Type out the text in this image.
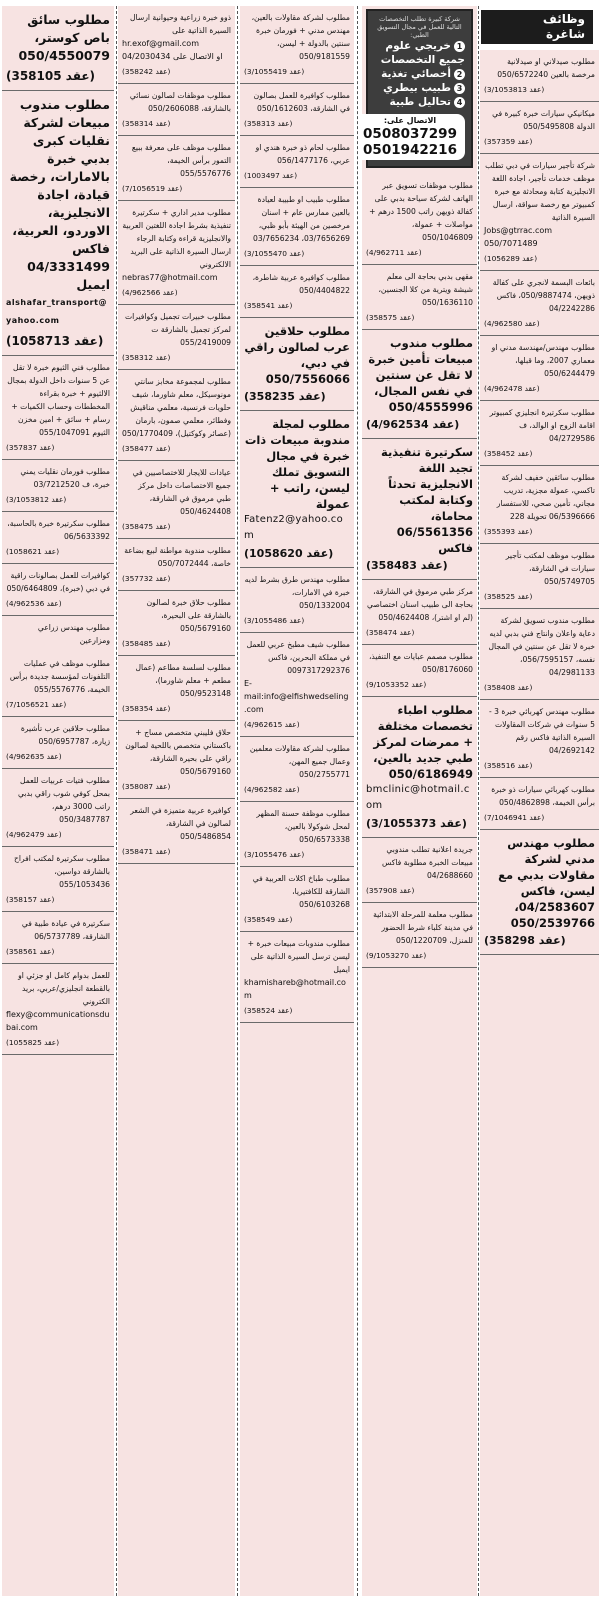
وظائف
شاغرة
مطلوب صيدلاني او صيدلانية مرخصة بالعين 050/6572240
(عقد 3/1053813)
ميكانيكي سيارات خبرة كبيرة في الدولة 050/5495808
(عقد 357359)
شركة تأجير سيارات في دبي تطلب موظف خدمات تأجير، اجادة اللغة الانجليزية كتابة ومحادثة مع خبرة كمبيوتر مع رخصة سواقة، ارسال السيرة الذاتية
Jobs@gtrrac.com
050/7071489
(عقد 1056289)
بائعات البسمة لانجري على كفالة ذويهن، 050/9887474، فاكس 04/2242286
(عقد 4/962580)
مطلوب مهندس/مهندسة مدني او معماري 2007، وما قبلها، 050/6244479
(عقد 4/962478)
مطلوب سكرتيرة انجليزي كمبيوتر اقامة الزوج او الوالد، ف 04/2729586
(عقد 358452)
مطلوب سائقين خفيف لشركة تاكسي، عمولة مجزية، تدريب مجاني، تأمين صحي، للاستفسار 06/5396666 تحويلة 228
(عقد 355393)
مطلوب موظف لمكتب تأجير سيارات في الشارقة، 050/5749705
(عقد 358525)
مطلوب مندوب تسويق لشركة دعاية واعلان وانتاج فني بدبي لديه خبرة لا تقل عن سنتين في المجال نفسه، 056/7595157، 04/2981133
(عقد 358408)
مطلوب مهندس كهربائي خبرة 3 - 5 سنوات في شركات المقاولات السيرة الذاتية فاكس رقم 04/2692142
(عقد 358516)
مطلوب كهربائي سيارات ذو خبرة برأس الخيمة، 050/4862898
(عقد 7/1046941)
مطلوب مهندس مدني لشركة مقاولات بدبي مع ليسن، فاكس 04/2583607، 050/2539766
(عقد 358298)
شركة كبيرة تطلب التخصصات التالية للعمل في مجال التسويق الطبي:
1خريجي علوم جميع التخصصات
2أخصائي تغذية
3طبيب بيطري
4تحاليل طبية
الاتصال على:
0508037299
0501942216
مطلوب موظفات تسويق عبر الهاتف لشركة سياحة بدبي على كفالة ذويهن راتب 1500 درهم + مواصلات + عمولة، 050/1046809
(عقد 4/962711)
مقهى بدبي بحاجة الى معلم شيشة ويترية من كلا الجنسين، 050/1636110
(عقد 358575)
مطلوب مندوب مبيعات تأمين خبرة لا تقل عن سنتين في نفس المجال، 050/4555996
(عقد 4/962534)
سكرتيرة تنفيذية تجيد اللغة الانجليزية تحدثاً وكتابة لمكتب محاماة، 06/5561356 فاكس
(عقد 358483)
مركز طبي مرموق في الشارقة، بحاجة الى طبيب اسنان اختصاصي (لم او اشتر)، 050/4624408
(عقد 358474)
مطلوب مصمم عبايات مع التنفيذ، 050/8176060
(عقد 9/1053352)
مطلوب اطباء تخصصات مختلفة + ممرضات لمركز طبي جديد بالعين، 050/6186949
bmclinic@hotmail.com
(عقد 3/1055373)
جريدة اعلانية تطلب مندوبي مبيعات الخبرة مطلوبة فاكس 04/2688660
(عقد 357908)
مطلوب معلمة للمرحلة الابتدائية في مدينة كلباء شرط الحضور للمنزل، 050/1220709
(عقد 9/1053270)
مطلوب لشركة مقاولات بالعين، مهندس مدني + فورمان خبرة سنتين بالدولة + ليسن، 050/9181559
(عقد 3/1055419)
مطلوب كوافيرة للعمل بصالون في الشارقة، 050/1612603
(عقد 358313)
مطلوب لحام ذو خبرة هندي او عربي، 056/1477176
(عقد 1003497)
مطلوب طبيب او طبيبة لعيادة بالعين ممارس عام + اسنان مرخصين من الهيئة بأبو ظبي، 03/7656269، 03/7656234
(عقد 3/1055470)
مطلوب كوافيرة عربية شاطرة، 050/4404822
(عقد 358541)
مطلوب حلاقين عرب لصالون راقي في دبي، 050/7556066
(عقد 358235)
مطلوب لمجلة مندوبة مبيعات ذات خبرة في مجال التسويق تملك ليسن، راتب + عمولة
Fatenz2@yahoo.com
(عقد 1058620)
مطلوب مهندس طرق بشرط لديه خبرة في الامارات، 050/1332004
(عقد 3/1055486)
مطلوب شيف مطبخ عربي للعمل في مملكة البحرين، فاكس 0097317292376
E-mail:info@elfishwedseling.com
(عقد 4/962615)
مطلوب لشركة مقاولات معلمين وعمال جميع المهن، 050/2755771
(عقد 4/962582)
مطلوب موظفة حسنة المظهر لمحل شوكولا بالعين، 050/6573338
(عقد 3/1055476)
مطلوب طباخ اكلات العربية في الشارقة للكافتيريا، 050/6103268
(عقد 358549)
مطلوب مندوبات مبيعات خبرة + ليسن ترسل السيرة الذاتية على ايميل
khamishareb@hotmail.com
(عقد 358524)
ذوو خبرة زراعية وحيوانية ارسال السيرة الذاتية على
hr.exof@gmail.com
او الاتصال على 04/2030434
(عقد 358242)
مطلوب موظفات لصالون نسائي بالشارقة، 050/2606088
(عقد 358314)
مطلوب موظف على معرفة ببيع التمور برأس الخيمة، 055/5576776
(عقد 7/1056519)
مطلوب مدير اداري + سكرتيرة تنفيذية بشرط اجادة اللغتين العربية والانجليزية قراءة وكتابة الرجاء ارسال السيرة الذاتية على البريد الالكتروني
nebras77@hotmail.com
(عقد 4/962566)
مطلوب خبيرات تجميل وكوافيرات لمركز تجميل بالشارقة ت 055/2419009
(عقد 358312)
مطلوب لمجموعة مخابز سانتي مونوسيكل، معلم شاورما، شيف حلويات فرنسية، معلمي مناقيش وفطائر، معلمي صمون، بارمان (عصائر وكوكتيل)، 050/1770409
(عقد 358477)
عيادات للايجار للاختصاصيين في جميع الاختصاصات داخل مركز طبي مرموق في الشارقة، 050/4624408
(عقد 358475)
مطلوب مندوبة مواطنة لبيع بضاعة خاصة، 050/7072444
(عقد 357732)
مطلوب حلاق خبرة لصالون بالشارقة على البحيرة، 050/5679160
(عقد 358485)
مطلوب لسلسة مطاعم (عمال مطعم + معلم شاورما)، 050/9523148
(عقد 358354)
حلاق فليبني متخصص مساج + باكستاني متخصص باللحية لصالون راقي على بحيرة الشارقة، 050/5679160
(عقد 358087)
كوافيرة عربية متميزة في الشعر لصالون في الشارقة، 050/5486854
(عقد 358471)
مطلوب سائق باص كوستر، 050/4550079
(عقد 358105)
مطلوب مندوب مبيعات لشركة نقليات كبرى بدبي خبرة بالامارات، رخصة قيادة، اجادة الانجليزية، الاوردو، العربية، فاكس 04/3331499 ايميل
alshafar_transport@yahoo.com
(عقد 1058713)
مطلوب فني الثيوم خبرة لا تقل عن 5 سنوات داخل الدولة بمجال الالثيوم + خبرة بقراءة المخططات وحساب الكميات + رسام + سائق + امين مخزن الثيوم 055/1047091
(عقد 357837)
مطلوب فورمان نقليات يمني خبرة، ف 03/7212520
(عقد 3/1053812)
مطلوب سكرتيرة خبرة بالحاسبة، 06/5633392
(عقد 1058621)
كوافيرات للعمل بصالونات راقية في دبي (خبرة)، 050/6464809
(عقد 4/962536)
مطلوب مهندس زراعي ومزارعين
مطلوب موظف في عمليات التلفونات لمؤسسة جديدة برأس الخيمة، 055/5576776
(عقد 7/1056521)
مطلوب حلاقين عرب تأشيرة زيارة، 050/6957787
(عقد 4/962635)
مطلوب فتيات عربيات للعمل بمحل كوفي شوب راقي بدبي راتب 3000 درهم، 050/3487787
(عقد 4/962479)
مطلوب سكرتيرة لمكتب افراح بالشارقة دواسين، 055/1053436
(عقد 358157)
سكرتيرة في عيادة طبية في الشارقة، 06/5737789
(عقد 358561)
للعمل بدوام كامل او جزئي او بالقطعة انجليزي/عربي، بريد الكتروني
flexy@communicationsdubai.com
(عقد 1055825)
